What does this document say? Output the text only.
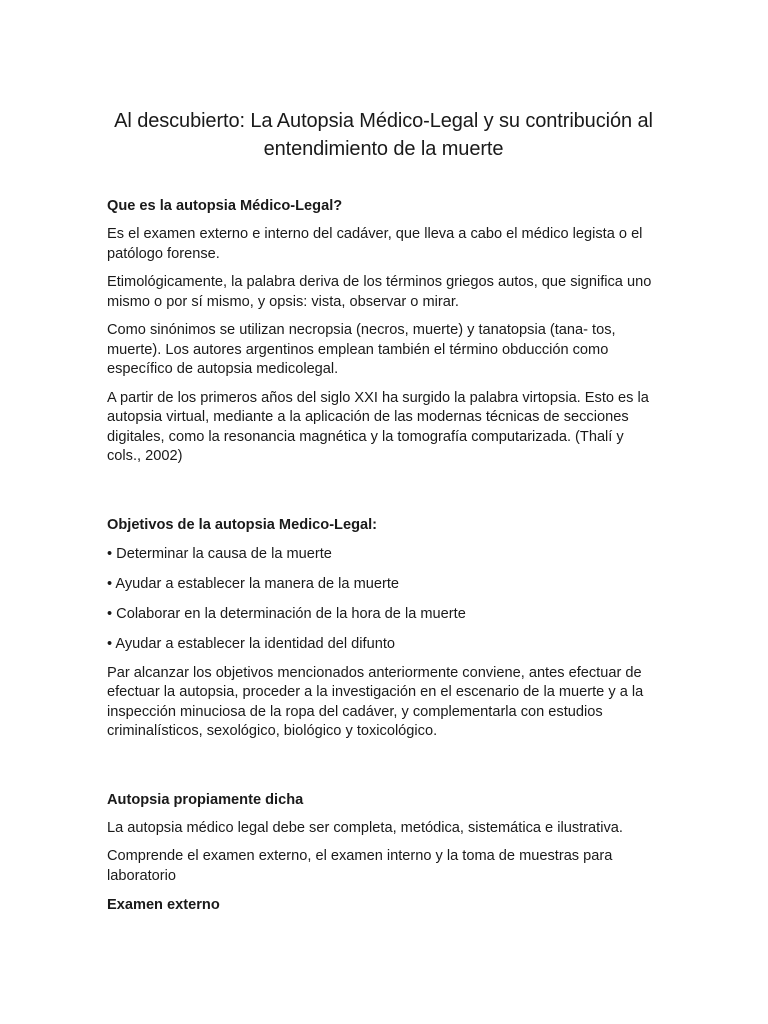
Al descubierto: La Autopsia Médico-Legal y su contribución al entendimiento de la muerte
Que es la autopsia Médico-Legal?

Es el examen externo e interno del cadáver, que lleva a cabo el médico legista o el patólogo forense.

Etimológicamente, la palabra deriva de los términos griegos autos, que significa uno mismo o por sí mismo, y opsis: vista, observar o mirar.

Como sinónimos se utilizan necropsia (necros, muerte) y tanatopsia (tana- tos, muerte). Los autores argentinos emplean también el término obducción como específico de autopsia medicolegal.

A partir de los primeros años del siglo XXI ha surgido la palabra virtopsia. Esto es la autopsia virtual, mediante a la aplicación de las modernas técnicas de secciones digitales, como la resonancia magnética y la tomografía computarizada. (Thalí y cols., 2002)

Objetivos de la autopsia Medico-Legal:

• Determinar la causa de la muerte

• Ayudar a establecer la manera de la muerte

• Colaborar en la determinación de la hora de la muerte

• Ayudar a establecer la identidad del difunto

Par alcanzar los objetivos mencionados anteriormente conviene, antes efectuar de efectuar la autopsia, proceder a la investigación en el escenario de la muerte y a la inspección minuciosa de la ropa del cadáver, y complementarla con estudios criminalísticos, sexológico, biológico y toxicológico.

Autopsia propiamente dicha

La autopsia médico legal debe ser completa, metódica, sistemática e ilustrativa.

Comprende el examen externo, el examen interno y la toma de muestras para laboratorio

Examen externo
